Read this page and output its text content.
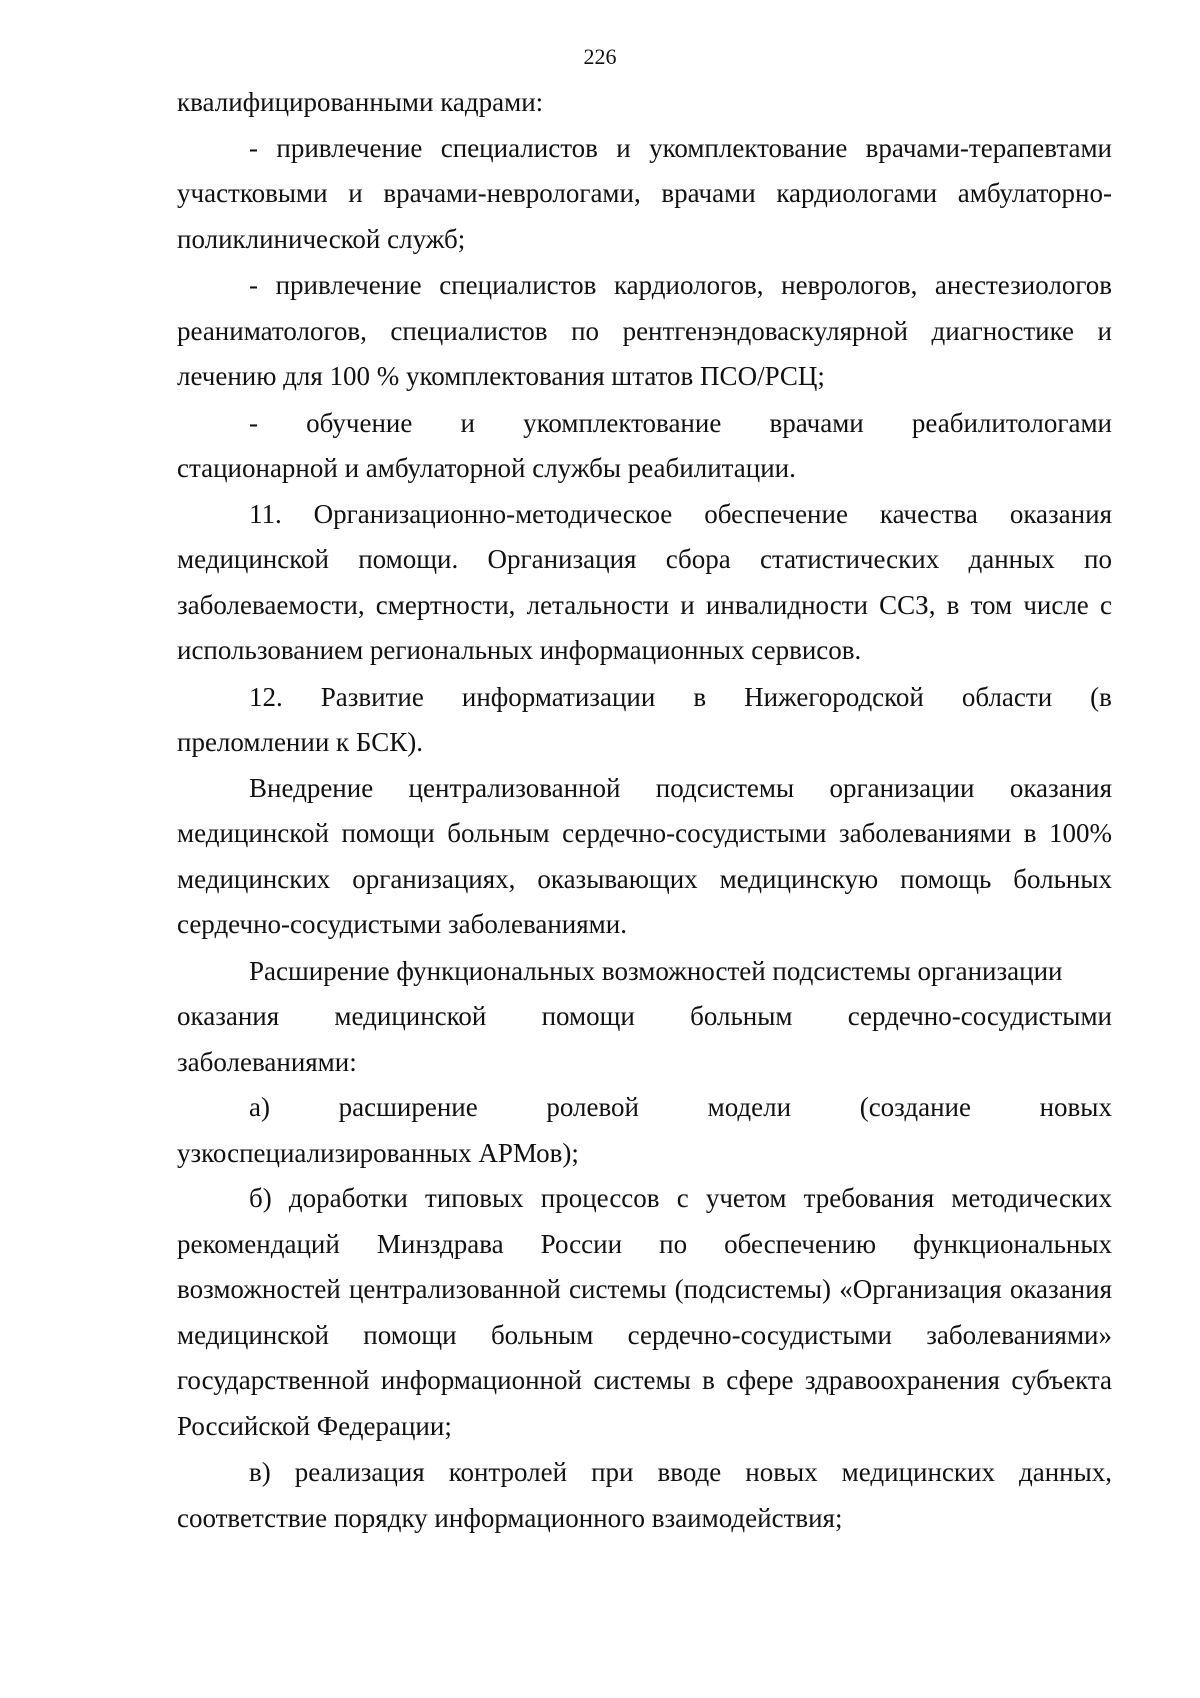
226

квалифицированными кадрами:

- привлечение специалистов и укомплектование врачами-терапевтами участковыми и врачами-неврологами, врачами кардиологами амбулаторно-поликлинической служб;

- привлечение специалистов кардиологов, неврологов, анестезиологов реаниматологов, специалистов по рентгенэндоваскулярной диагностике и лечению для 100 % укомплектования штатов ПСО/РСЦ;

- обучение и укомплектование врачами реабилитологами

стационарной и амбулаторной службы реабилитации.

11. Организационно-методическое обеспечение качества оказания медицинской помощи. Организация сбора статистических данных по заболеваемости, смертности, летальности и инвалидности ССЗ, в том числе с использованием региональных информационных сервисов.

12. Развитие информатизации в Нижегородской области (в

преломлении к БСК).

Внедрение централизованной подсистемы организации оказания медицинской помощи больным сердечно-сосудистыми заболеваниями в 100% медицинских организациях, оказывающих медицинскую помощь больных сердечно-сосудистыми заболеваниями.

Расширение функциональных возможностей подсистемы организации

оказания медицинской помощи больным сердечно-сосудистыми

заболеваниями:

а)	расширение	ролевой	модели	(создание	новых

узкоспециализированных АРМов);

б) доработки типовых процессов с учетом требования методических рекомендаций Минздрава России по обеспечению функциональных возможностей централизованной системы (подсистемы) «Организация оказания медицинской помощи больным сердечно-сосудистыми заболеваниями» государственной информационной системы в сфере здравоохранения субъекта Российской Федерации;

в) реализация контролей при вводе новых медицинских данных, соответствие порядку информационного взаимодействия;
